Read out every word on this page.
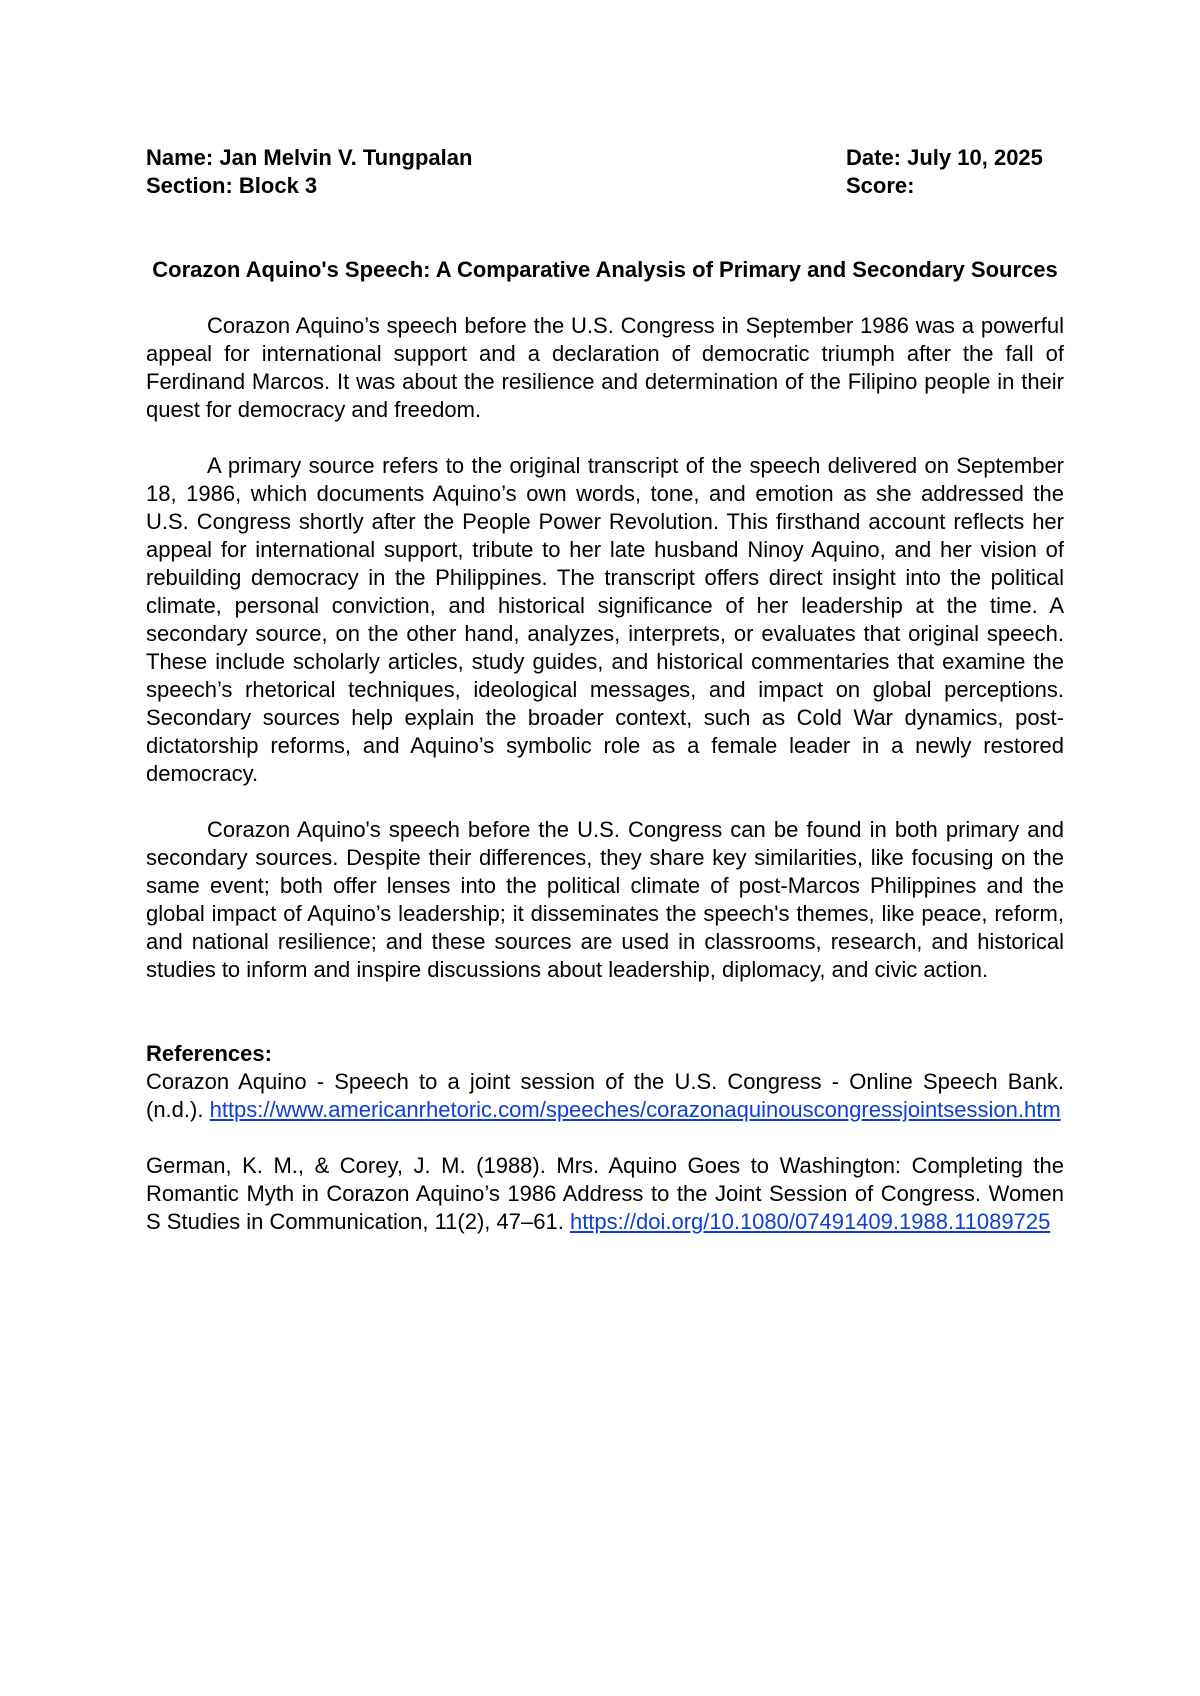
Name: Jan Melvin V. Tungpalan
Section: Block 3
Date: July 10, 2025
Score:
Corazon Aquino's Speech: A Comparative Analysis of Primary and Secondary Sources

Corazon Aquino’s speech before the U.S. Congress in September 1986 was a powerful appeal for international support and a declaration of democratic triumph after the fall of Ferdinand Marcos. It was about the resilience and determination of the Filipino people in their quest for democracy and freedom.

A primary source refers to the original transcript of the speech delivered on September 18, 1986, which documents Aquino’s own words, tone, and emotion as she addressed the U.S. Congress shortly after the People Power Revolution. This firsthand account reflects her appeal for international support, tribute to her late husband Ninoy Aquino, and her vision of rebuilding democracy in the Philippines. The transcript offers direct insight into the political climate, personal conviction, and historical significance of her leadership at the time. A secondary source, on the other hand, analyzes, interprets, or evaluates that original speech. These include scholarly articles, study guides, and historical commentaries that examine the speech’s rhetorical techniques, ideological messages, and impact on global perceptions. Secondary sources help explain the broader context, such as Cold War dynamics, post-dictatorship reforms, and Aquino’s symbolic role as a female leader in a newly restored democracy.

Corazon Aquino's speech before the U.S. Congress can be found in both primary and secondary sources. Despite their differences, they share key similarities, like focusing on the same event; both offer lenses into the political climate of post-Marcos Philippines and the global impact of Aquino’s leadership; it disseminates the speech's themes, like peace, reform, and national resilience; and these sources are used in classrooms, research, and historical studies to inform and inspire discussions about leadership, diplomacy, and civic action.

References:

Corazon Aquino - Speech to a joint session of the U.S. Congress - Online Speech Bank. (n.d.). https://www.americanrhetoric.com/speeches/corazonaquinouscongressjointsession.htm

German, K. M., & Corey, J. M. (1988). Mrs. Aquino Goes to Washington: Completing the Romantic Myth in Corazon Aquino’s 1986 Address to the Joint Session of Congress. Women S Studies in Communication, 11(2), 47–61. https://doi.org/10.1080/07491409.1988.11089725
